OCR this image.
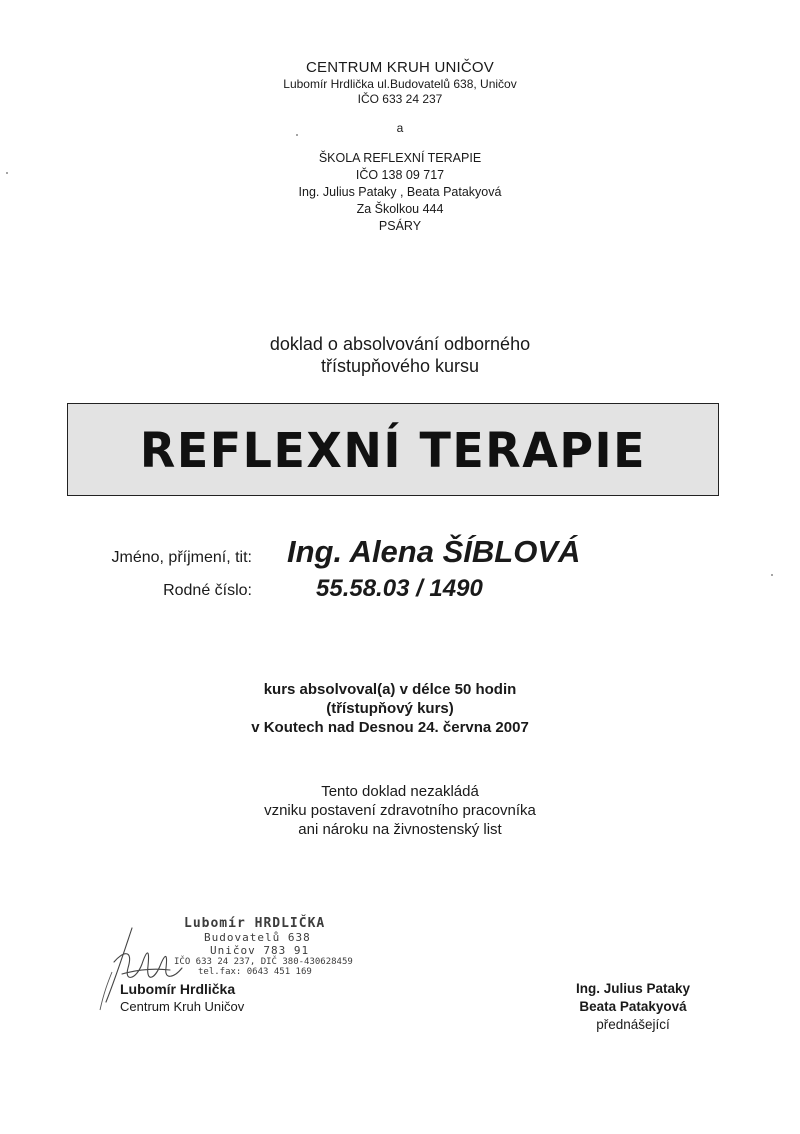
CENTRUM KRUH UNIČOV
Lubomír Hrdlička ul.Budovatelů 638, Uničov
IČO 633 24 237
a
ŠKOLA REFLEXNÍ TERAPIE
IČO 138 09 717
Ing. Julius Pataky , Beata Patakyová
Za Školkou 444
PSÁRY
doklad o absolvování odborného
třístupňového kursu
REFLEXNÍ TERAPIE
Jméno, příjmení, tit: Ing. Alena ŠÍBLOVÁ
Rodné číslo:	55.58.03 / 1490
kurs absolvoval(a) v délce 50 hodin
(třístupňový kurs)
v Koutech nad Desnou 24. června 2007
Tento doklad nezakládá
vzniku postavení zdravotního pracovníka
ani nároku na živnostenský list
Lubomír HRDLIČKA
Budovatelů 638
Uničov 783 91
IČO 633 24 237, DIČ 380-430628459
tel.fax: 0643 451 169
Lubomír Hrdlička
Centrum Kruh Uničov
Ing. Julius Pataky
Beata Patakyová
přednášející
